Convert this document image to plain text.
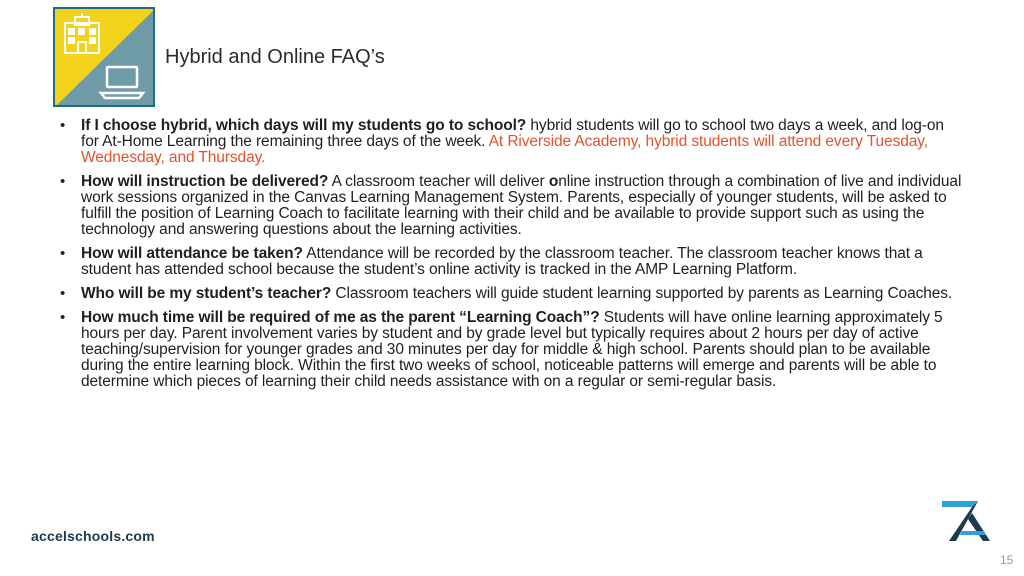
Hybrid and Online FAQ’s
• If I choose hybrid, which days will my students go to school? hybrid students will go to school two days a week, and log-on for At-Home Learning the remaining three days of the week. At Riverside Academy, hybrid students will attend every Tuesday, Wednesday, and Thursday.
• How will instruction be delivered? A classroom teacher will deliver online instruction through a combination of live and individual work sessions organized in the Canvas Learning Management System. Parents, especially of younger students, will be asked to fulfill the position of Learning Coach to facilitate learning with their child and be available to provide support such as using the technology and answering questions about the learning activities.
• How will attendance be taken? Attendance will be recorded by the classroom teacher. The classroom teacher knows that a student has attended school because the student’s online activity is tracked in the AMP Learning Platform.
• Who will be my student’s teacher? Classroom teachers will guide student learning supported by parents as Learning Coaches.
• How much time will be required of me as the parent “Learning Coach”? Students will have online learning approximately 5 hours per day. Parent involvement varies by student and by grade level but typically requires about 2 hours per day of active teaching/supervision for younger grades and 30 minutes per day for middle & high school. Parents should plan to be available during the entire learning block. Within the first two weeks of school, noticeable patterns will emerge and parents will be able to determine which pieces of learning their child needs assistance with on a regular or semi-regular basis.
accelschools.com
15
